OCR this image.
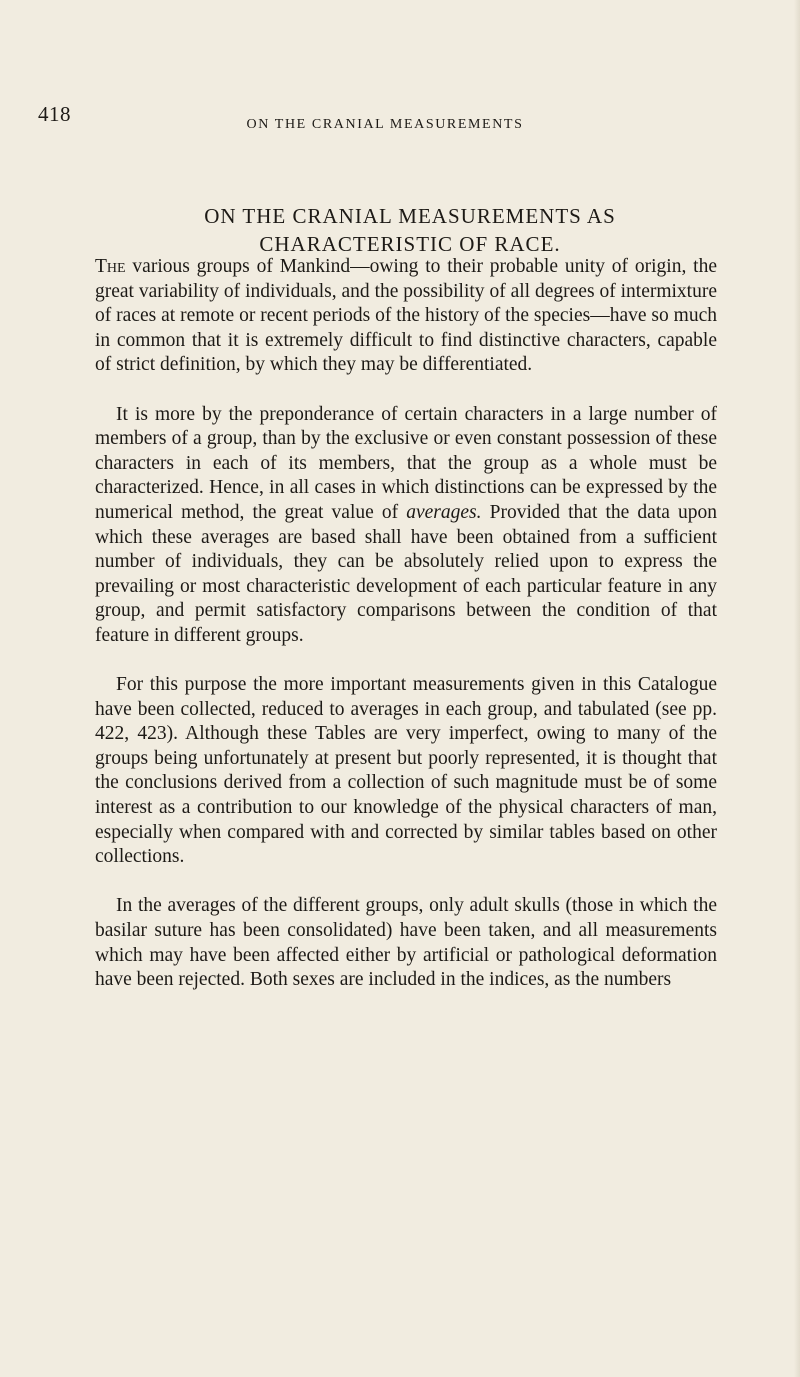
418	ON THE CRANIAL MEASUREMENTS
ON THE CRANIAL MEASUREMENTS AS
CHARACTERISTIC OF RACE.

The various groups of Mankind—owing to their probable unity of origin, the great variability of individuals, and the possibility of all degrees of intermixture of races at remote or recent periods of the history of the species—have so much in common that it is extremely difficult to find distinctive characters, capable of strict definition, by which they may be differentiated.

It is more by the preponderance of certain characters in a large number of members of a group, than by the exclusive or even constant possession of these characters in each of its members, that the group as a whole must be characterized. Hence, in all cases in which distinctions can be expressed by the numerical method, the great value of averages. Provided that the data upon which these averages are based shall have been obtained from a sufficient number of individuals, they can be absolutely relied upon to express the prevailing or most characteristic development of each particular feature in any group, and permit satisfactory comparisons between the condition of that feature in different groups.

For this purpose the more important measurements given in this Catalogue have been collected, reduced to averages in each group, and tabulated (see pp. 422, 423). Although these Tables are very imperfect, owing to many of the groups being unfortunately at present but poorly represented, it is thought that the conclusions derived from a collection of such magnitude must be of some interest as a contribution to our knowledge of the physical characters of man, especially when compared with and corrected by similar tables based on other collections.

In the averages of the different groups, only adult skulls (those in which the basilar suture has been consolidated) have been taken, and all measurements which may have been affected either by artificial or pathological deformation have been rejected. Both sexes are included in the indices, as the numbers
